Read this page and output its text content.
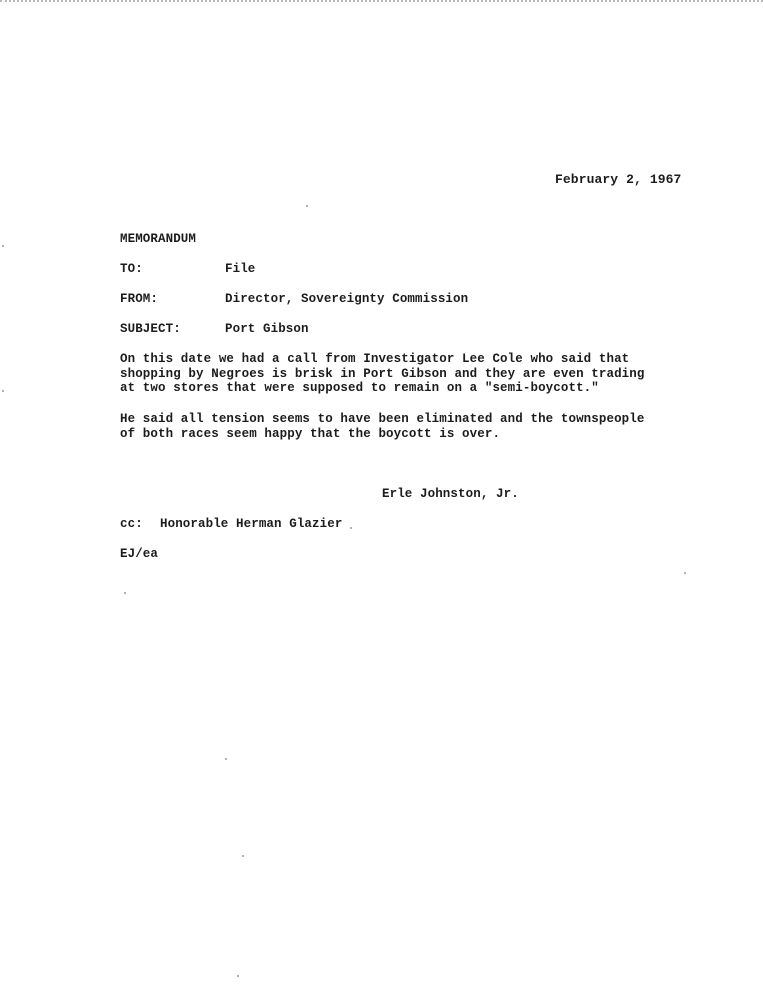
February 2, 1967
MEMORANDUM
TO:	File
FROM:	Director, Sovereignty Commission
SUBJECT:	Port Gibson
On this date we had a call from Investigator Lee Cole who said that
shopping by Negroes is brisk in Port Gibson and they are even trading
at two stores that were supposed to remain on a "semi-boycott."
He said all tension seems to have been eliminated and the townspeople
of both races seem happy that the boycott is over.
Erle Johnston, Jr.
cc: Honorable Herman Glazier
EJ/ea
